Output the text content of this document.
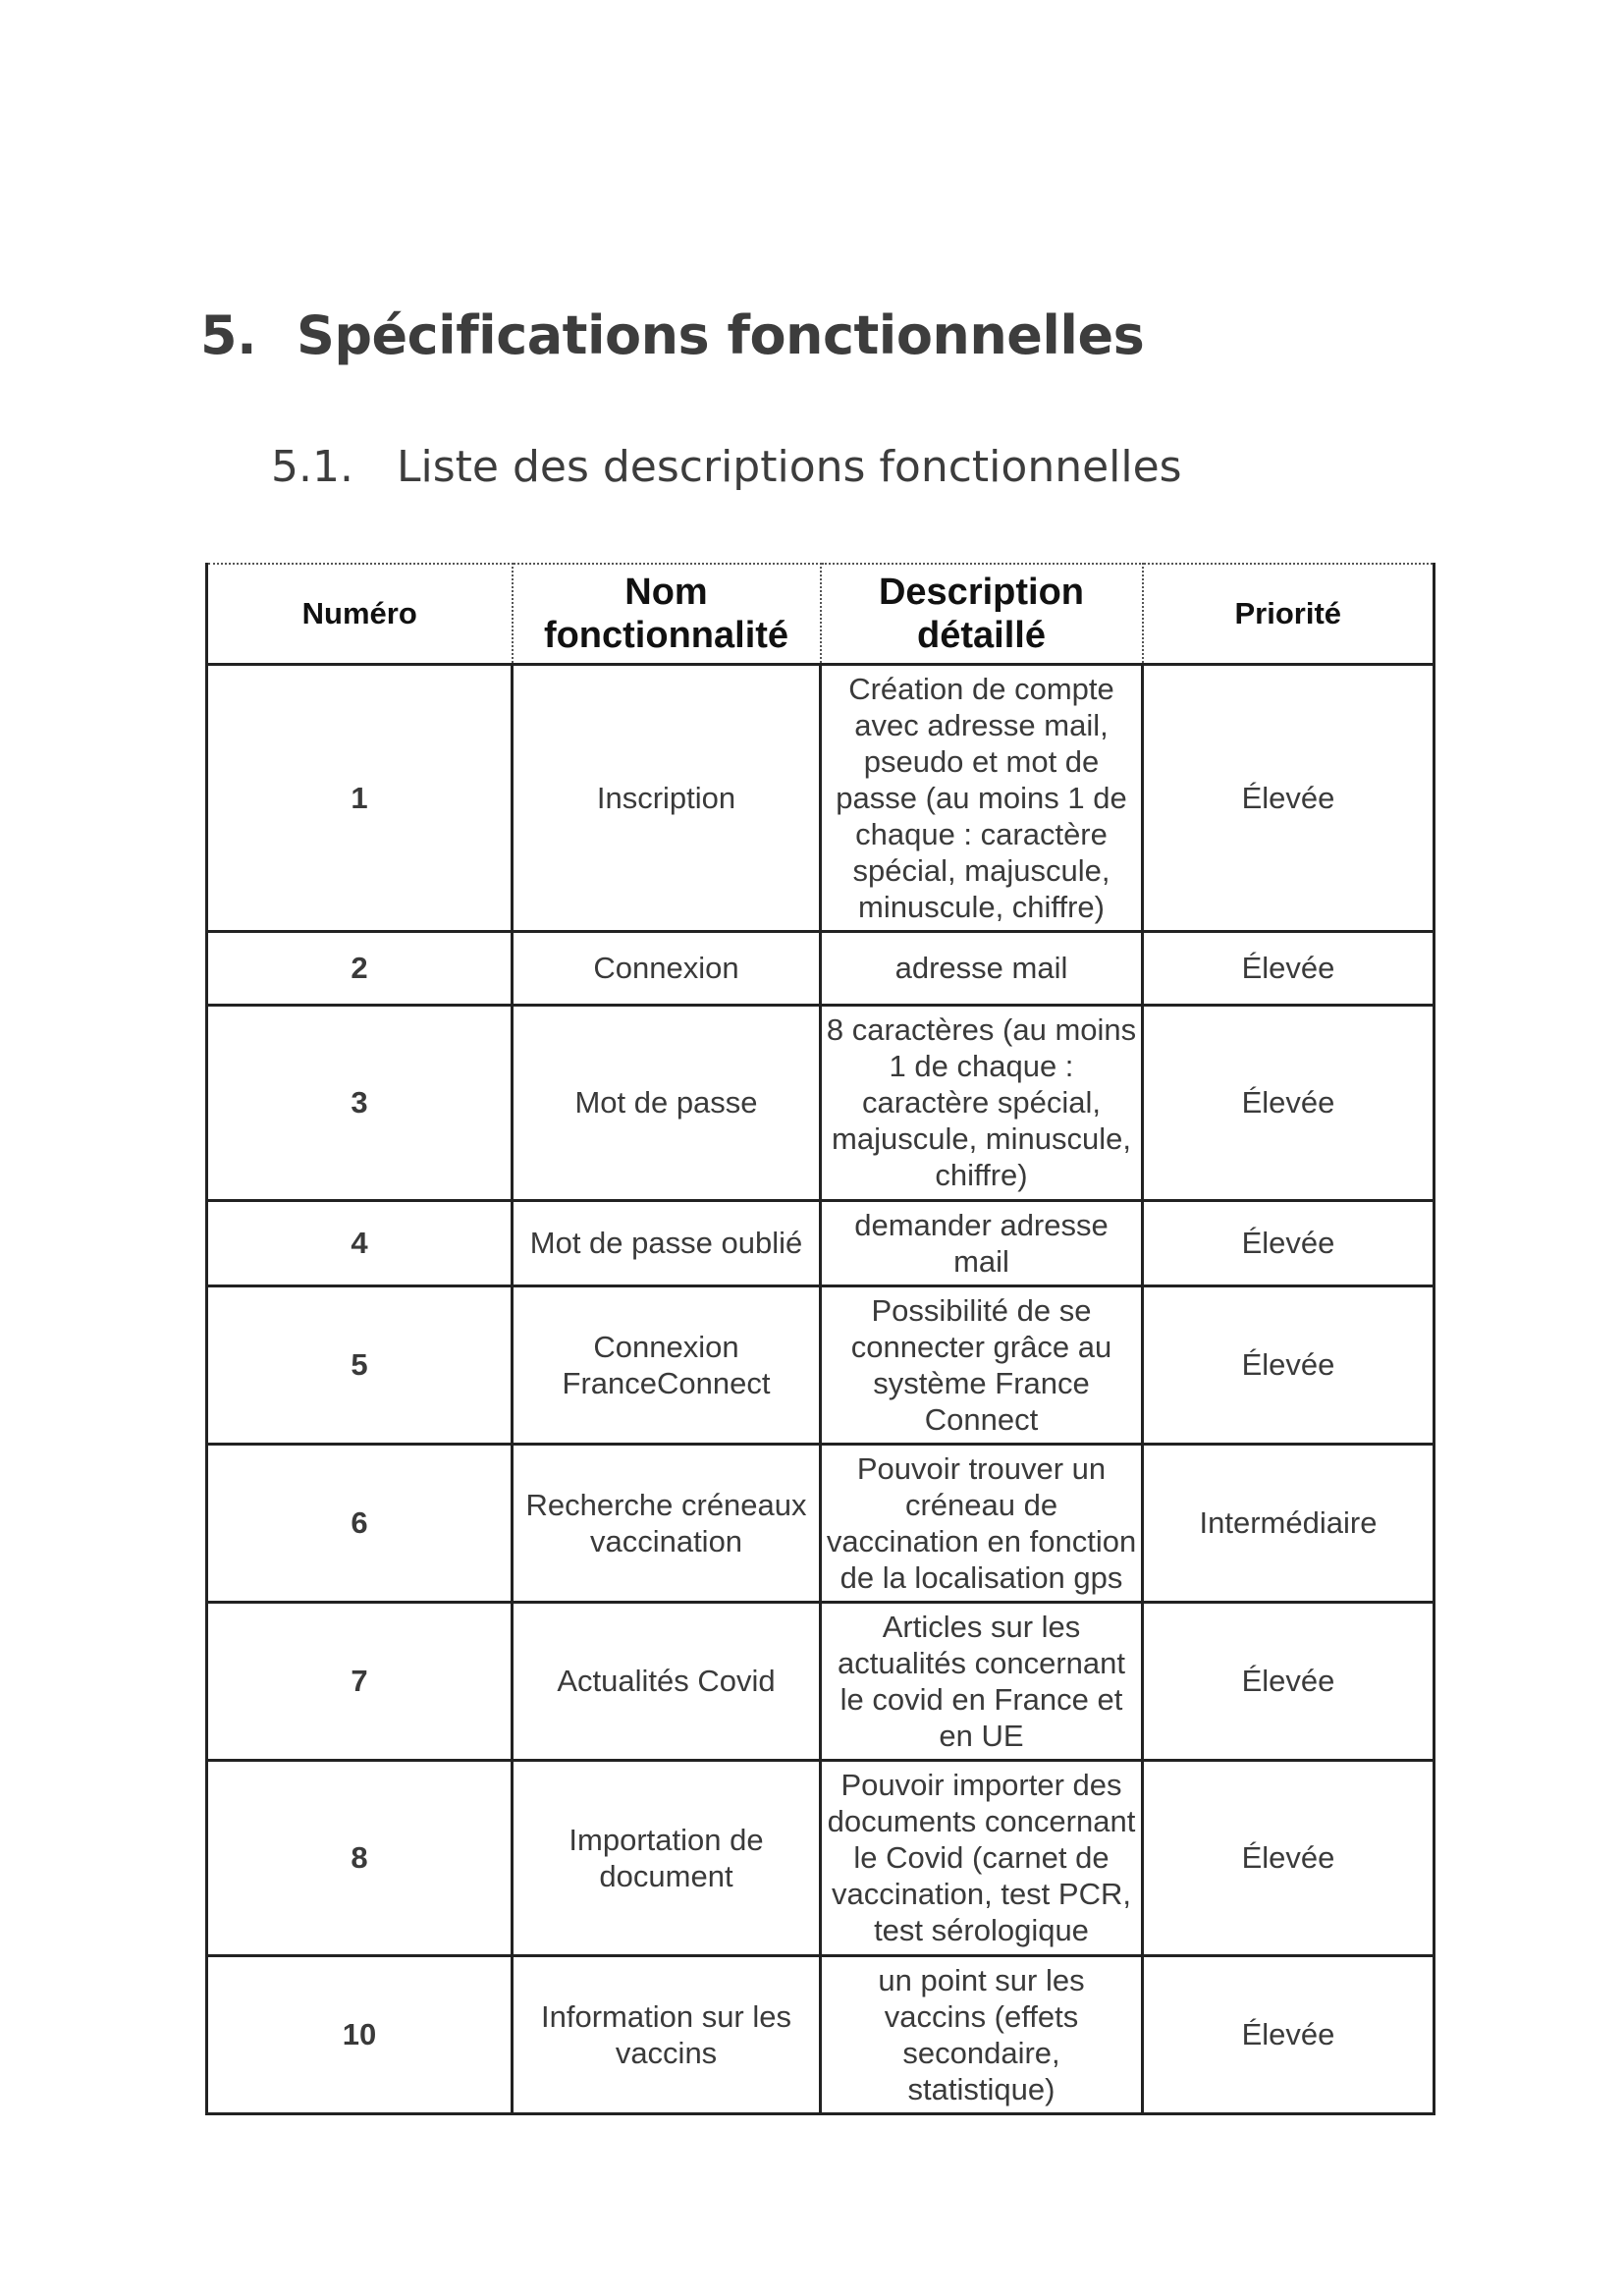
5. Spécifications fonctionnelles
5.1. Liste des descriptions fonctionnelles
Numéro	Nom fonctionnalité	Description détaillé	Priorité
1	Inscription	Création de compte avec adresse mail, pseudo et mot de passe (au moins 1 de chaque : caractère spécial, majuscule, minuscule, chiffre)	Élevée
2	Connexion	adresse mail	Élevée
3	Mot de passe	8 caractères (au moins 1 de chaque : caractère spécial, majuscule, minuscule, chiffre)	Élevée
4	Mot de passe oublié	demander adresse mail	Élevée
5	Connexion FranceConnect	Possibilité de se connecter grâce au système France Connect	Élevée
6	Recherche créneaux vaccination	Pouvoir trouver un créneau de vaccination en fonction de la localisation gps	Intermédiaire
7	Actualités Covid	Articles sur les actualités concernant le covid en France et en UE	Élevée
8	Importation de document	Pouvoir importer des documents concernant le Covid (carnet de vaccination, test PCR, test sérologique	Élevée
10	Information sur les vaccins	un point sur les vaccins (effets secondaire, statistique)	Élevée
